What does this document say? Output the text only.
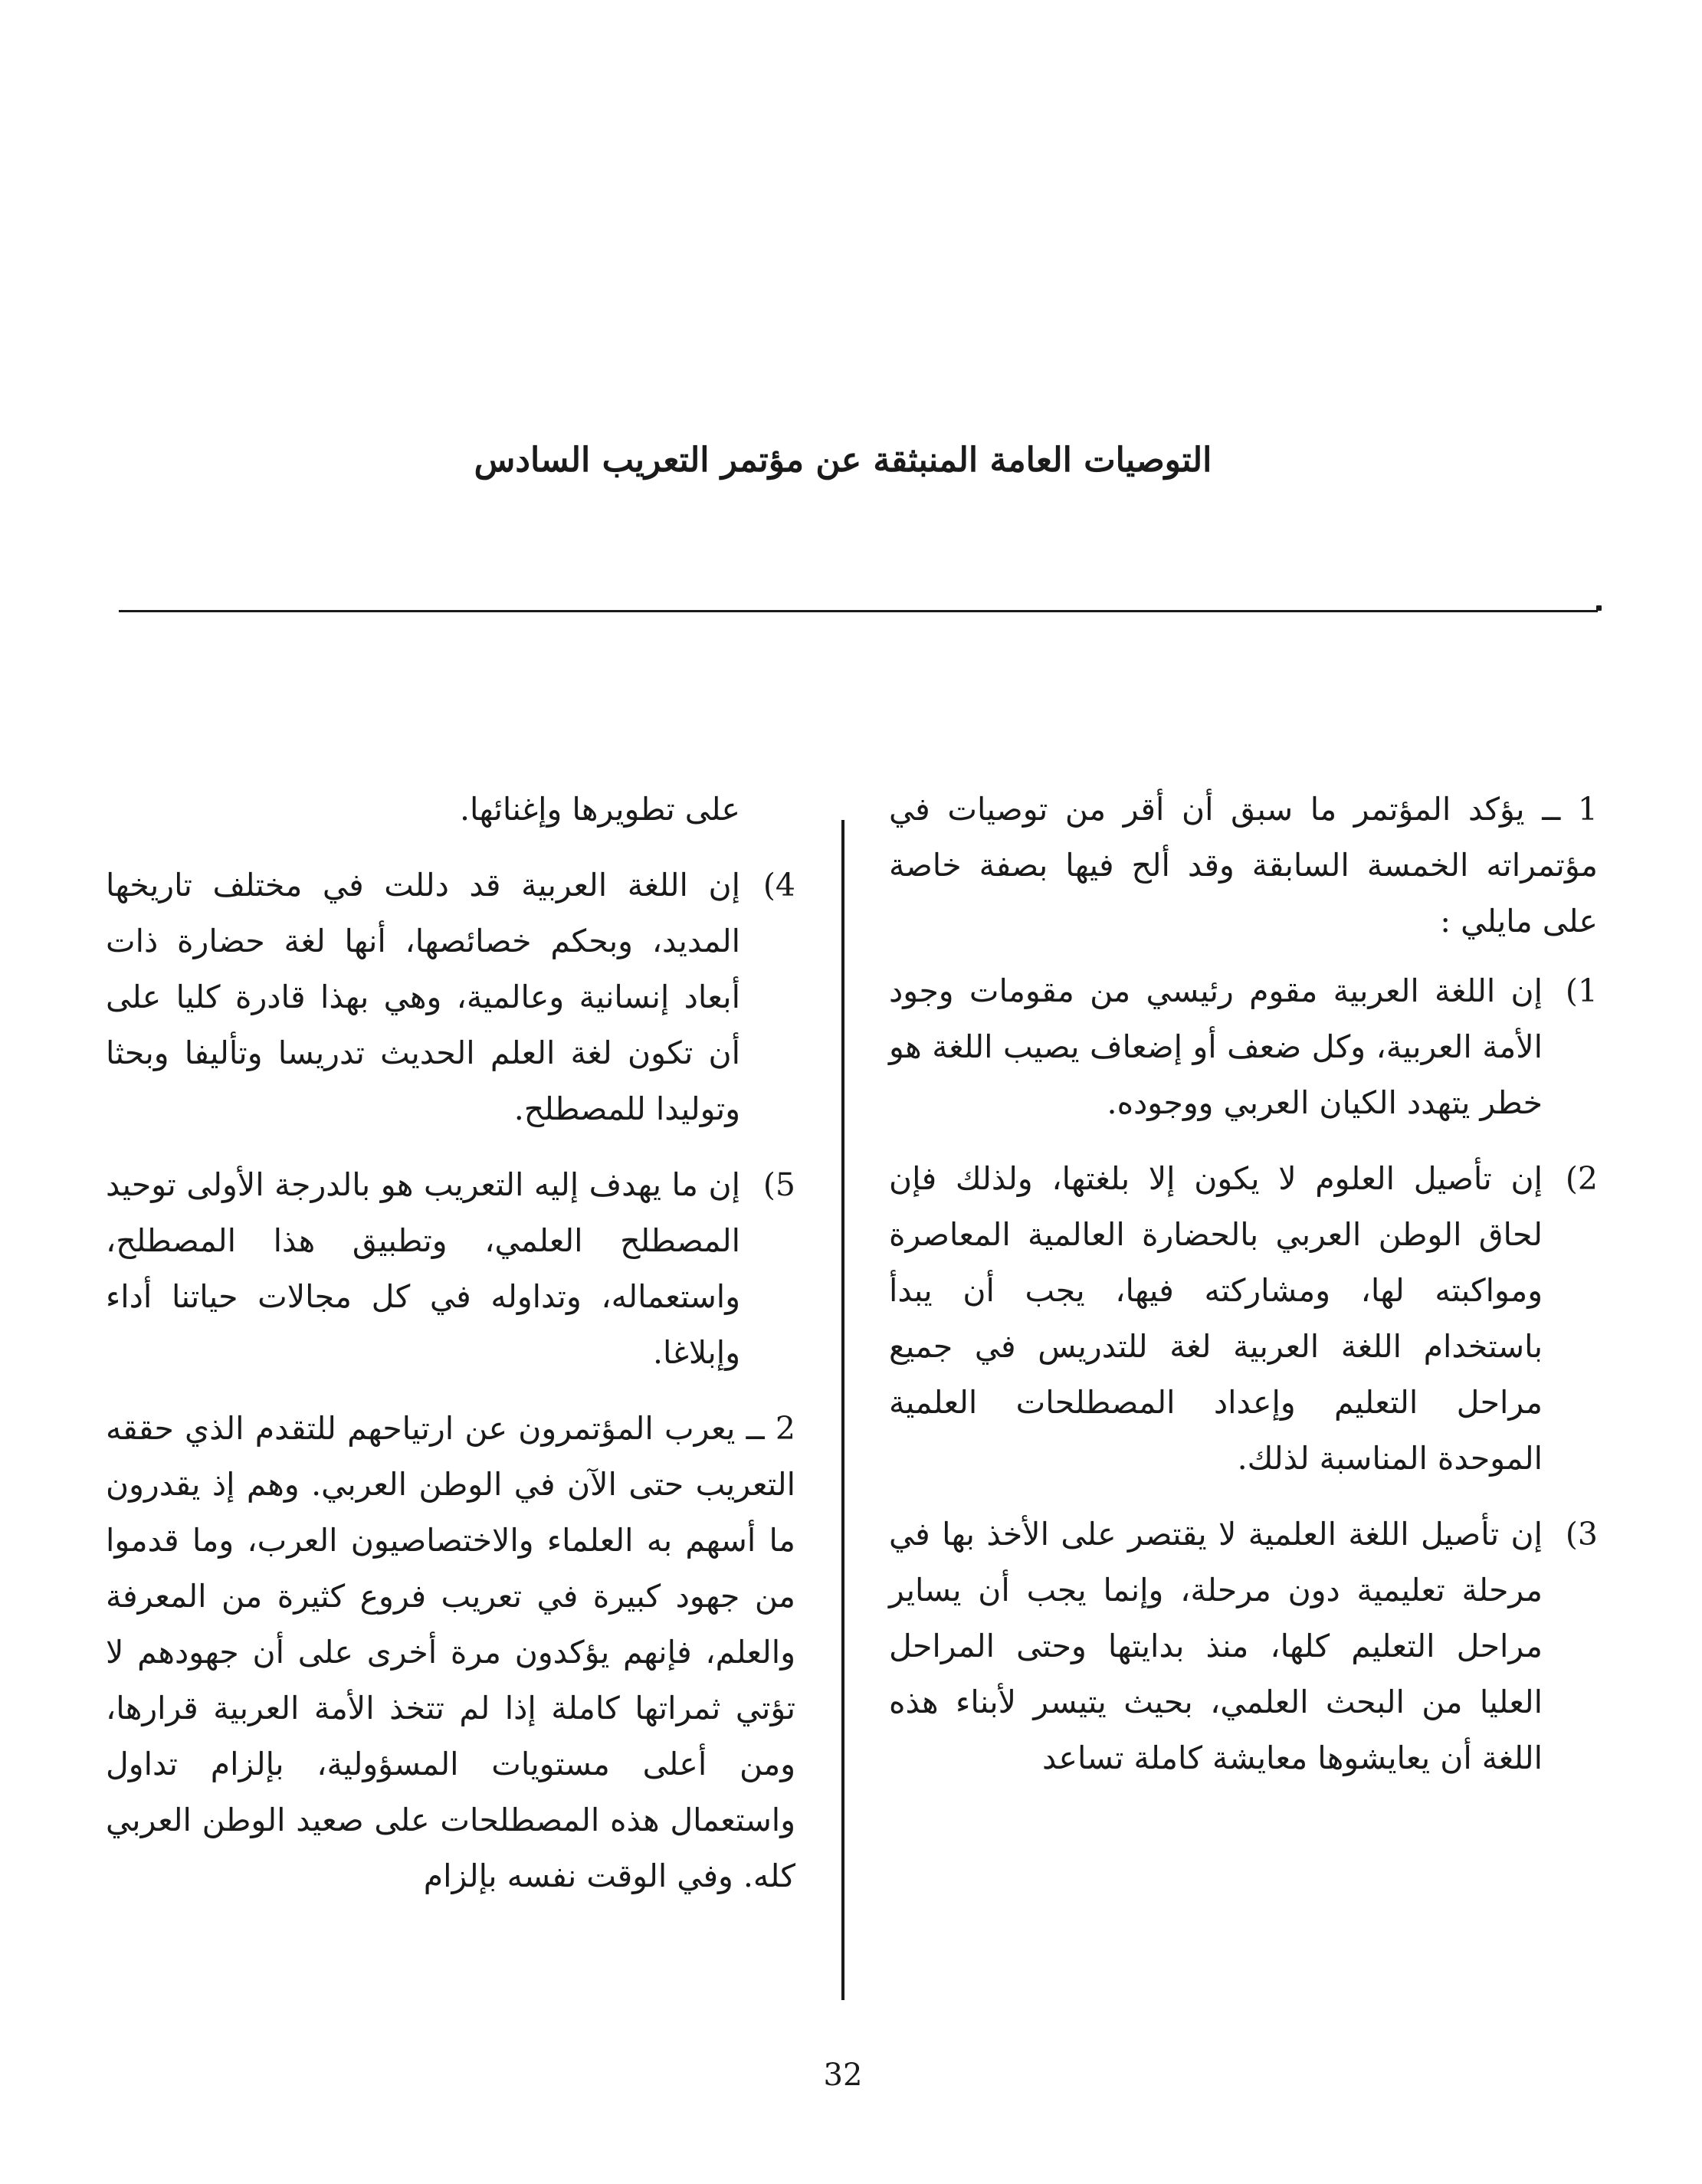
التوصيات العامة المنبثقة عن مؤتمر التعريب السادس

1 ــ يؤكد المؤتمر ما سبق أن أقر من توصيات في مؤتمراته الخمسة السابقة وقد ألح فيها بصفة خاصة على مايلي :

1)
إن اللغة العربية مقوم رئيسي من مقومات وجود الأمة العربية، وكل ضعف أو إضعاف يصيب اللغة هو خطر يتهدد الكيان العربي ووجوده.
2)
إن تأصيل العلوم لا يكون إلا بلغتها، ولذلك فإن لحاق الوطن العربي بالحضارة العالمية المعاصرة ومواكبته لها، ومشاركته فيها، يجب أن يبدأ باستخدام اللغة العربية لغة للتدريس في جميع مراحل التعليم وإعداد المصطلحات العلمية الموحدة المناسبة لذلك.
3)
إن تأصيل اللغة العلمية لا يقتصر على الأخذ بها في مرحلة تعليمية دون مرحلة، وإنما يجب أن يساير مراحل التعليم كلها، منذ بدايتها وحتى المراحل العليا من البحث العلمي، بحيث يتيسر لأبناء هذه اللغة أن يعايشوها معايشة كاملة تساعد
على تطويرها وإغنائها.
4)
إن اللغة العربية قد دللت في مختلف تاريخها المديد، وبحكم خصائصها، أنها لغة حضارة ذات أبعاد إنسانية وعالمية، وهي بهذا قادرة كليا على أن تكون لغة العلم الحديث تدريسا وتأليفا وبحثا وتوليدا للمصطلح.
5)
إن ما يهدف إليه التعريب هو بالدرجة الأولى توحيد المصطلح العلمي، وتطبيق هذا المصطلح، واستعماله، وتداوله في كل مجالات حياتنا أداء وإبلاغا.

2 ــ يعرب المؤتمرون عن ارتياحهم للتقدم الذي حققه التعريب حتى الآن في الوطن العربي. وهم إذ يقدرون ما أسهم به العلماء والاختصاصيون العرب، وما قدموا من جهود كبيرة في تعريب فروع كثيرة من المعرفة والعلم، فإنهم يؤكدون مرة أخرى على أن جهودهم لا تؤتي ثمراتها كاملة إذا لم تتخذ الأمة العربية قرارها، ومن أعلى مستويات المسؤولية، بإلزام تداول واستعمال هذه المصطلحات على صعيد الوطن العربي كله. وفي الوقت نفسه بإلزام

32
